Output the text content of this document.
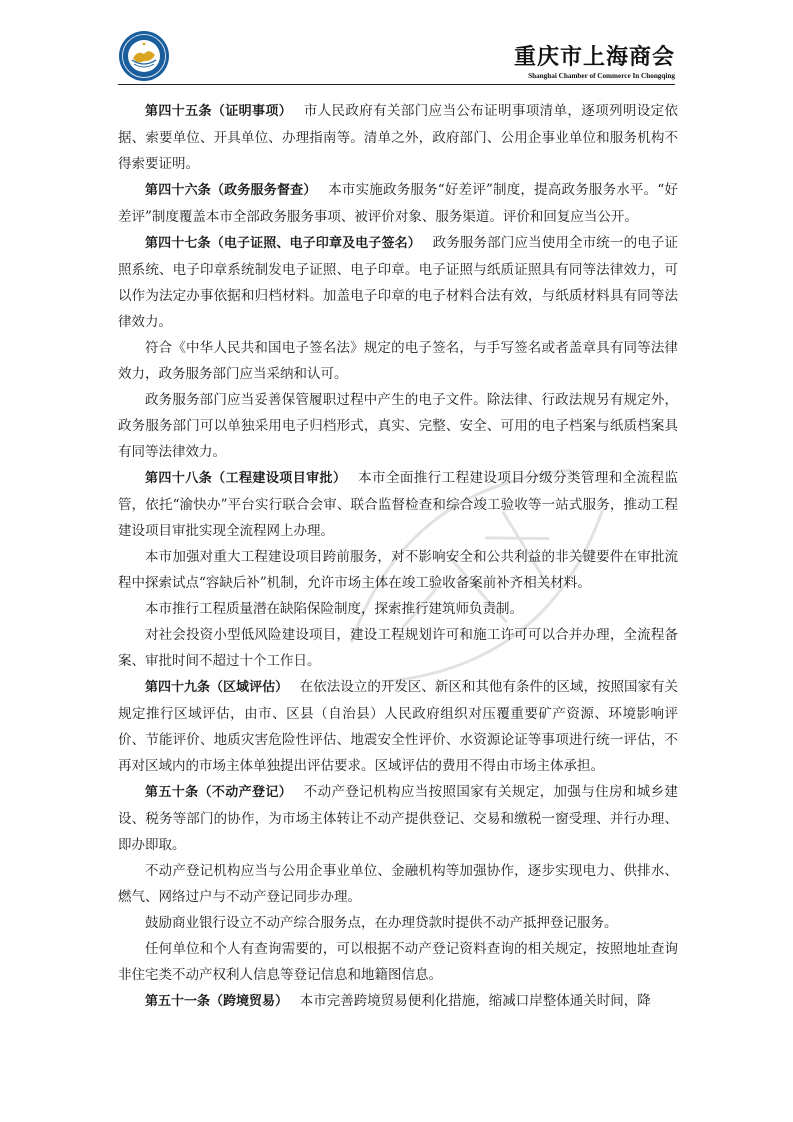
重庆市上海商会
Shanghai Chamber of Commerce In Chongqing

第四十五条（证明事项） 市人民政府有关部门应当公布证明事项清单，逐项列明设定依据、索要单位、开具单位、办理指南等。清单之外，政府部门、公用企事业单位和服务机构不得索要证明。

第四十六条（政务服务督查） 本市实施政务服务“好差评”制度，提高政务服务水平。“好差评”制度覆盖本市全部政务服务事项、被评价对象、服务渠道。评价和回复应当公开。

第四十七条（电子证照、电子印章及电子签名） 政务服务部门应当使用全市统一的电子证照系统、电子印章系统制发电子证照、电子印章。电子证照与纸质证照具有同等法律效力，可以作为法定办事依据和归档材料。加盖电子印章的电子材料合法有效，与纸质材料具有同等法律效力。

符合《中华人民共和国电子签名法》规定的电子签名，与手写签名或者盖章具有同等法律效力，政务服务部门应当采纳和认可。

政务服务部门应当妥善保管履职过程中产生的电子文件。除法律、行政法规另有规定外，政务服务部门可以单独采用电子归档形式，真实、完整、安全、可用的电子档案与纸质档案具有同等法律效力。

第四十八条（工程建设项目审批） 本市全面推行工程建设项目分级分类管理和全流程监管，依托“渝快办”平台实行联合会审、联合监督检查和综合竣工验收等一站式服务，推动工程建设项目审批实现全流程网上办理。

本市加强对重大工程建设项目跨前服务，对不影响安全和公共利益的非关键要件在审批流程中探索试点“容缺后补”机制，允许市场主体在竣工验收备案前补齐相关材料。

本市推行工程质量潜在缺陷保险制度，探索推行建筑师负责制。

对社会投资小型低风险建设项目，建设工程规划许可和施工许可可以合并办理，全流程备案、审批时间不超过十个工作日。

第四十九条（区域评估） 在依法设立的开发区、新区和其他有条件的区域，按照国家有关规定推行区域评估，由市、区县（自治县）人民政府组织对压覆重要矿产资源、环境影响评价、节能评价、地质灾害危险性评估、地震安全性评价、水资源论证等事项进行统一评估，不再对区域内的市场主体单独提出评估要求。区域评估的费用不得由市场主体承担。

第五十条（不动产登记） 不动产登记机构应当按照国家有关规定，加强与住房和城乡建设、税务等部门的协作，为市场主体转让不动产提供登记、交易和缴税一窗受理、并行办理、即办即取。

不动产登记机构应当与公用企事业单位、金融机构等加强协作，逐步实现电力、供排水、燃气、网络过户与不动产登记同步办理。

鼓励商业银行设立不动产综合服务点，在办理贷款时提供不动产抵押登记服务。

任何单位和个人有查询需要的，可以根据不动产登记资料查询的相关规定，按照地址查询非住宅类不动产权利人信息等登记信息和地籍图信息。

第五十一条（跨境贸易） 本市完善跨境贸易便利化措施，缩减口岸整体通关时间，降
